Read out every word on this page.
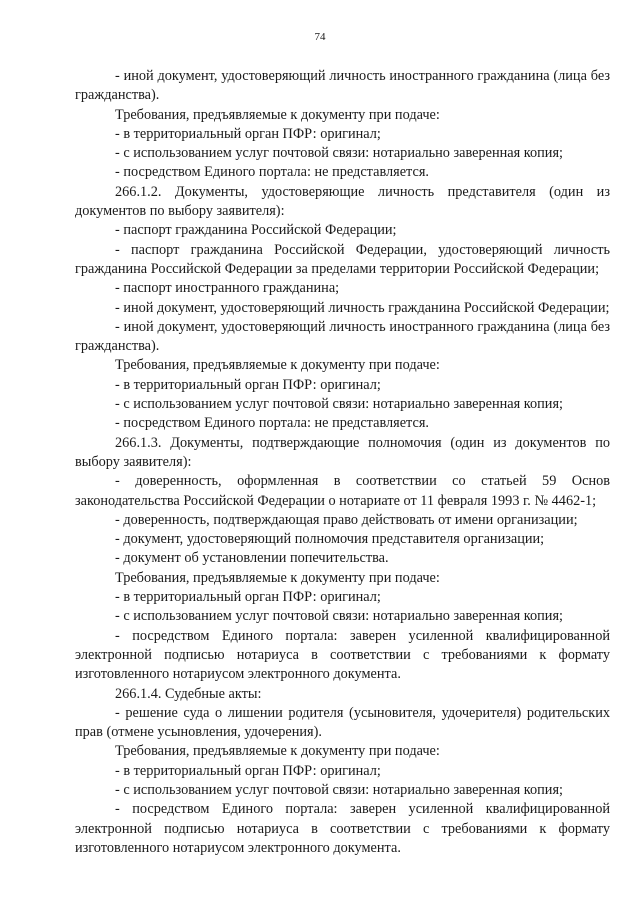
74

- иной документ, удостоверяющий личность иностранного гражданина (лица без гражданства).

Требования, предъявляемые к документу при подаче:

- в территориальный орган ПФР: оригинал;

- с использованием услуг почтовой связи: нотариально заверенная копия;

- посредством Единого портала: не представляется.

266.1.2. Документы, удостоверяющие личность представителя (один из документов по выбору заявителя):

- паспорт гражданина Российской Федерации;

- паспорт гражданина Российской Федерации, удостоверяющий личность гражданина Российской Федерации за пределами территории Российской Федерации;

- паспорт иностранного гражданина;

- иной документ, удостоверяющий личность гражданина Российской Федерации;

- иной документ, удостоверяющий личность иностранного гражданина (лица без гражданства).

Требования, предъявляемые к документу при подаче:

- в территориальный орган ПФР: оригинал;

- с использованием услуг почтовой связи: нотариально заверенная копия;

- посредством Единого портала: не представляется.

266.1.3. Документы, подтверждающие полномочия (один из документов по выбору заявителя):

- доверенность, оформленная в соответствии со статьей 59 Основ законодательства Российской Федерации о нотариате от 11 февраля 1993 г. № 4462-1;

- доверенность, подтверждающая право действовать от имени организации;

- документ, удостоверяющий полномочия представителя организации;

- документ об установлении попечительства.

Требования, предъявляемые к документу при подаче:

- в территориальный орган ПФР: оригинал;

- с использованием услуг почтовой связи: нотариально заверенная копия;

- посредством Единого портала: заверен усиленной квалифицированной электронной подписью нотариуса в соответствии с требованиями к формату изготовленного нотариусом электронного документа.

266.1.4. Судебные акты:

- решение суда о лишении родителя (усыновителя, удочерителя) родительских прав (отмене усыновления, удочерения).

Требования, предъявляемые к документу при подаче:

- в территориальный орган ПФР: оригинал;

- с использованием услуг почтовой связи: нотариально заверенная копия;

- посредством Единого портала: заверен усиленной квалифицированной электронной подписью нотариуса в соответствии с требованиями к формату изготовленного нотариусом электронного документа.
